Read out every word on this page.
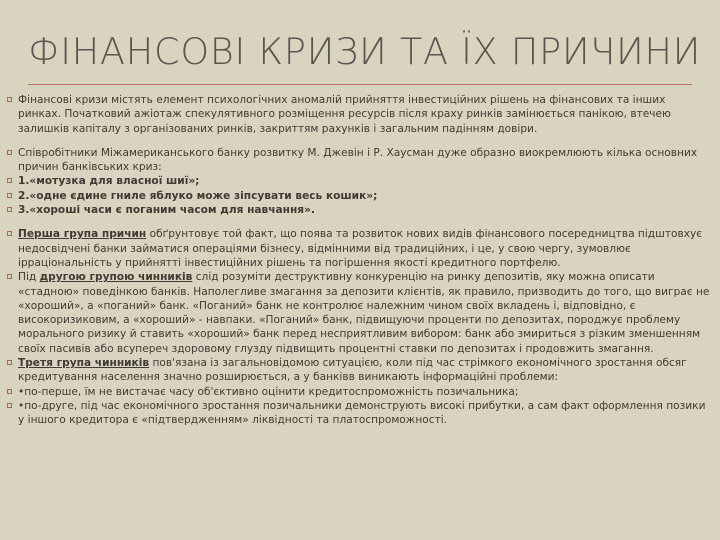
ФІНАНСОВІ КРИЗИ ТА ЇХ ПРИЧИНИ
Фінансові кризи містять елемент психологічних аномалій прийняття інвестиційних рішень на фінансових та інших ринках. Початковий ажіотаж спекулятивного розміщення ресурсів після краху ринків замінюється панікою, втечею залишків капіталу з організованих ринків, закриттям рахунків і загальним падінням довіри.
Співробітники Міжамериканського банку розвитку М. Джевін і Р. Хаусман дуже образно виокремлюють кілька основних причин банківських криз:
1.«мотузка для власної шиї»;
2.«одне єдине гниле яблуко може зіпсувати весь кошик»;
3.«хороші часи є поганим часом для навчання».
Перша група причин обґрунтовує той факт, що поява та розвиток нових видів фінансового посередництва підштовхує недосвідчені банки займатися операціями бізнесу, відмінними від традиційних, і це, у свою чергу, зумовлює ірраціональність у прийнятті інвестиційних рішень та погіршення якості кредитного портфелю.
Під другою групою чинників слід розуміти деструктивну конкуренцію на ринку депозитів, яку можна описати «стадною» поведінкою банків. Наполегливе змагання за депозити клієнтів, як правило, призводить до того, що виграє не «хороший», а «поганий» банк. «Поганий» банк не контролює належним чином своїх вкладень і, відповідно, є високоризиковим, а «хороший» - навпаки. «Поганий» банк, підвищуючи проценти по депозитах, породжує проблему морального ризику й ставить «хороший» банк перед несприятливим вибором: банк або змириться з різким зменшенням своїх пасивів або всупереч здоровому глузду підвищить процентні ставки по депозитах і продовжить змагання.
Третя група чинників пов'язана із загальновідомою ситуацією, коли під час стрімкого економічного зростання обсяг кредитування населення значно розширюється, а у банківв виникають інформаційні проблеми:
•по-перше, їм не вистачає часу об'єктивно оцінити кредитоспроможність позичальника;
•по-друге, під час економічного зростання позичальники демонструють високі прибутки, а сам факт оформлення позики у іншого кредитора є «підтвердженням» ліквідності та платоспроможності.
